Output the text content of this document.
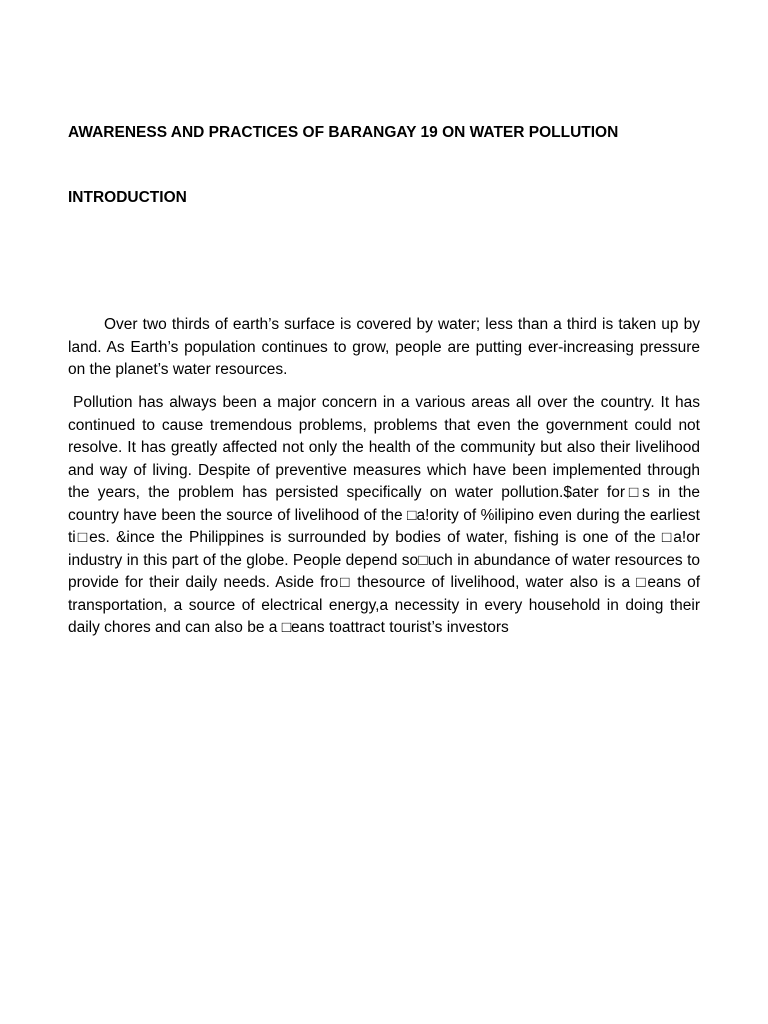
AWARENESS AND PRACTICES OF BARANGAY 19 ON WATER POLLUTION
INTRODUCTION

Over two thirds of earth’s surface is covered by water; less than a third is taken up by land. As Earth’s population continues to grow, people are putting ever-increasing pressure on the planet’s water resources.

Pollution has always been a major concern in a various areas all over the country. It has continued to cause tremendous problems, problems that even the government could not resolve. It has greatly affected not only the health of the community but also their livelihood and way of living. Despite of preventive measures which have been implemented through the years, the problem has persisted specifically on water pollution.$ater for□s in the country have been the source of livelihood of the □a!ority of %ilipino even during the earliest ti□es. &ince the Philippines is surrounded by bodies of water, fishing is one of the □a!or industry in this part of the globe. People depend so□uch in abundance of water resources to provide for their daily needs. Aside fro□ thesource of livelihood, water also is a □eans of transportation, a source of electrical energy,a necessity in every household in doing their daily chores and can also be a □eans toattract tourist’s investors
